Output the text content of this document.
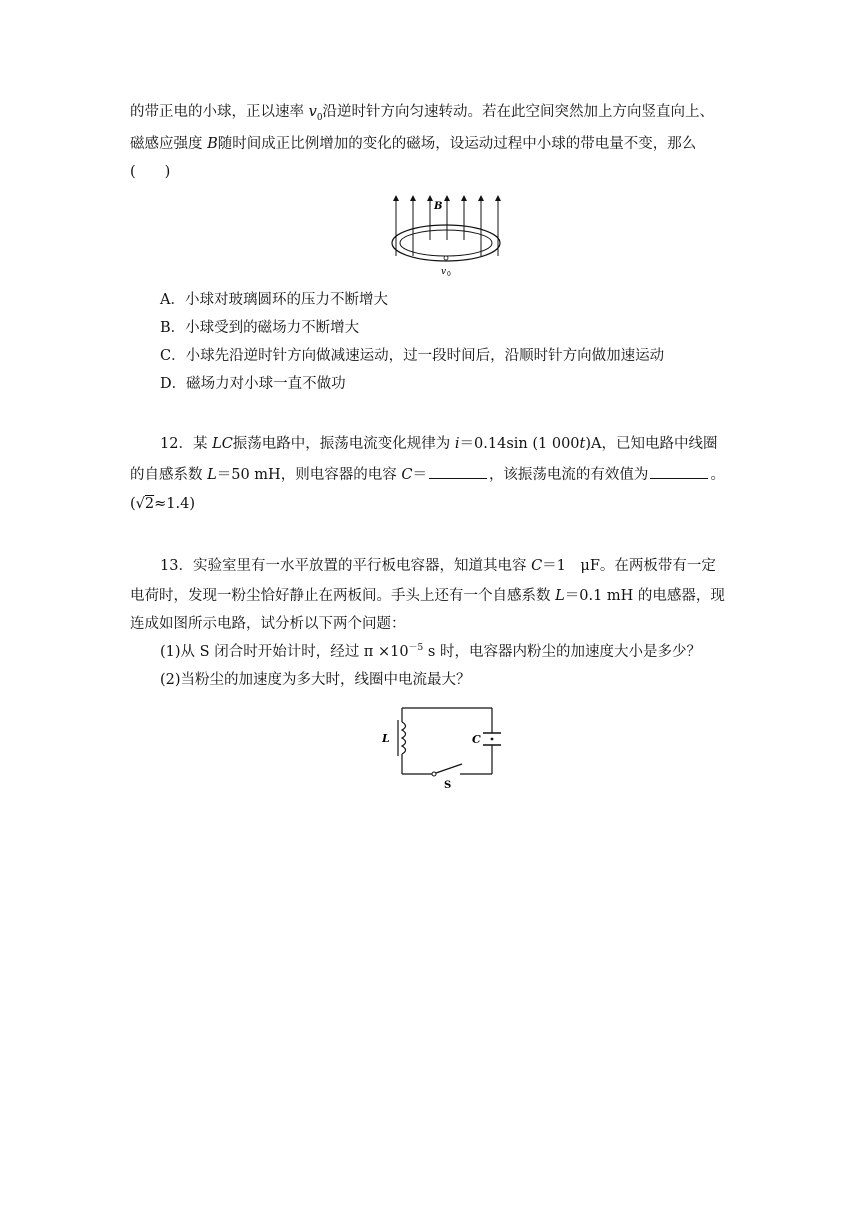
的带正电的小球，正以速率 $v_0$沿逆时针方向匀速转动。若在此空间突然加上方向竖直向上、
磁感应强度 B随时间成正比例增加的变化的磁场，设运动过程中小球的带电量不变，那么
(　　)
B
v 0
A．小球对玻璃圆环的压力不断增大
B．小球受到的磁场力不断增大
C．小球先沿逆时针方向做减速运动，过一段时间后，沿顺时针方向做加速运动
D．磁场力对小球一直不做功
12．某 LC振荡电路中，振荡电流变化规律为 i＝0.14sin (1 000t)A，已知电路中线圈
的自感系数 L＝50 mH，则电容器的电容 C＝	，该振荡电流的有效值为	。
(√2≈1.4)
13．实验室里有一水平放置的平行板电容器，知道其电容 C＝1　μF。在两板带有一定
电荷时，发现一粉尘恰好静止在两板间。手头上还有一个自感系数 L＝0.1 mH 的电感器，现
连成如图所示电路，试分析以下两个问题：
(1)从 S 闭合时开始计时，经过 $\pi \times 10^{-5}$ s 时，电容器内粉尘的加速度大小是多少？
(2)当粉尘的加速度为多大时，线圈中电流最大？
L	C
S
